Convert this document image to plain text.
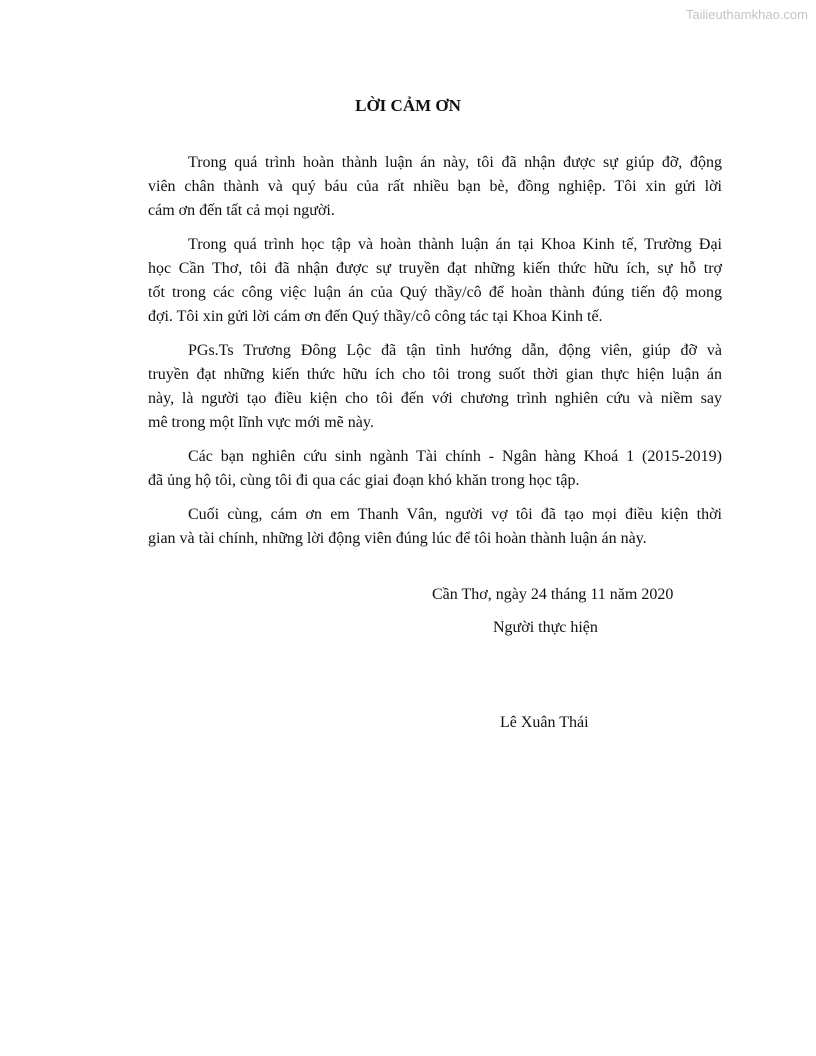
Tailieuthamkhao.com
LỜI CẢM ƠN
Trong quá trình hoàn thành luận án này, tôi đã nhận được sự giúp đỡ, động
viên chân thành và quý báu của rất nhiều bạn bè, đồng nghiệp. Tôi xin gửi lời
cám ơn đến tất cả mọi người.
Trong quá trình học tập và hoàn thành luận án tại Khoa Kinh tế, Trường Đại
học Cần Thơ, tôi đã nhận được sự truyền đạt những kiến thức hữu ích, sự hỗ trợ
tốt trong các công việc luận án của Quý thầy/cô để hoàn thành đúng tiến độ mong
đợi. Tôi xin gửi lời cám ơn đến Quý thầy/cô công tác tại Khoa Kinh tế.
PGs.Ts Trương Đông Lộc đã tận tình hướng dẫn, động viên, giúp đỡ và
truyền đạt những kiến thức hữu ích cho tôi trong suốt thời gian thực hiện luận án
này, là người tạo điều kiện cho tôi đến với chương trình nghiên cứu và niềm say
mê trong một lĩnh vực mới mẽ này.
Các bạn nghiên cứu sinh ngành Tài chính - Ngân hàng Khoá 1 (2015-2019)
đã ủng hộ tôi, cùng tôi đi qua các giai đoạn khó khăn trong học tập.
Cuối cùng, cám ơn em Thanh Vân, người vợ tôi đã tạo mọi điều kiện thời
gian và tài chính, những lời động viên đúng lúc để tôi hoàn thành luận án này.
Cần Thơ, ngày 24 tháng 11 năm 2020
Người thực hiện
Lê Xuân Thái
